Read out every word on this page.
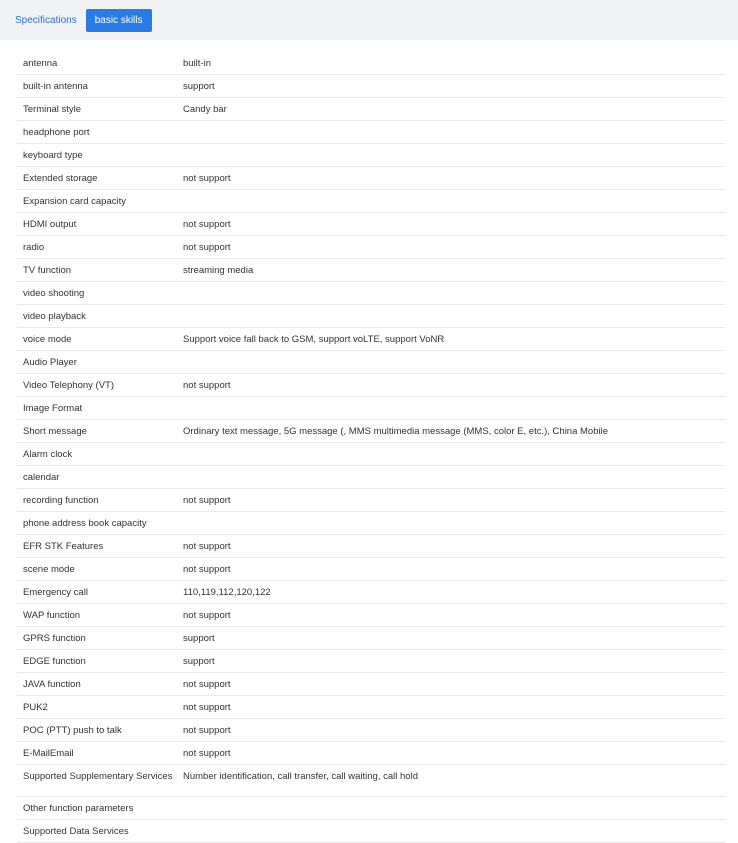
Specifications	basic skills
antenna	built-in
built-in antenna	support
Terminal style	Candy bar
headphone port
keyboard type
Extended storage	not support
Expansion card capacity
HDMI output	not support
radio	not support
TV function	streaming media
video shooting
video playback
voice mode	Support voice fall back to GSM, support voLTE, support VoNR
Audio Player
Video Telephony (VT)	not support
Image Format
Short message	Ordinary text message, 5G message (, MMS multimedia message (MMS, color E, etc.), China Mobile
Alarm clock
calendar
recording function	not support
phone address book capacity
EFR STK Features	not support
scene mode	not support
Emergency call	110,119,112,120,122
WAP function	not support
GPRS function	support
EDGE function	support
JAVA function	not support
PUK2	not support
POC (PTT) push to talk	not support
E-MailEmail	not support
Supported Supplementary Services	Number identification, call transfer, call waiting, call hold
Other function parameters
Supported Data Services
